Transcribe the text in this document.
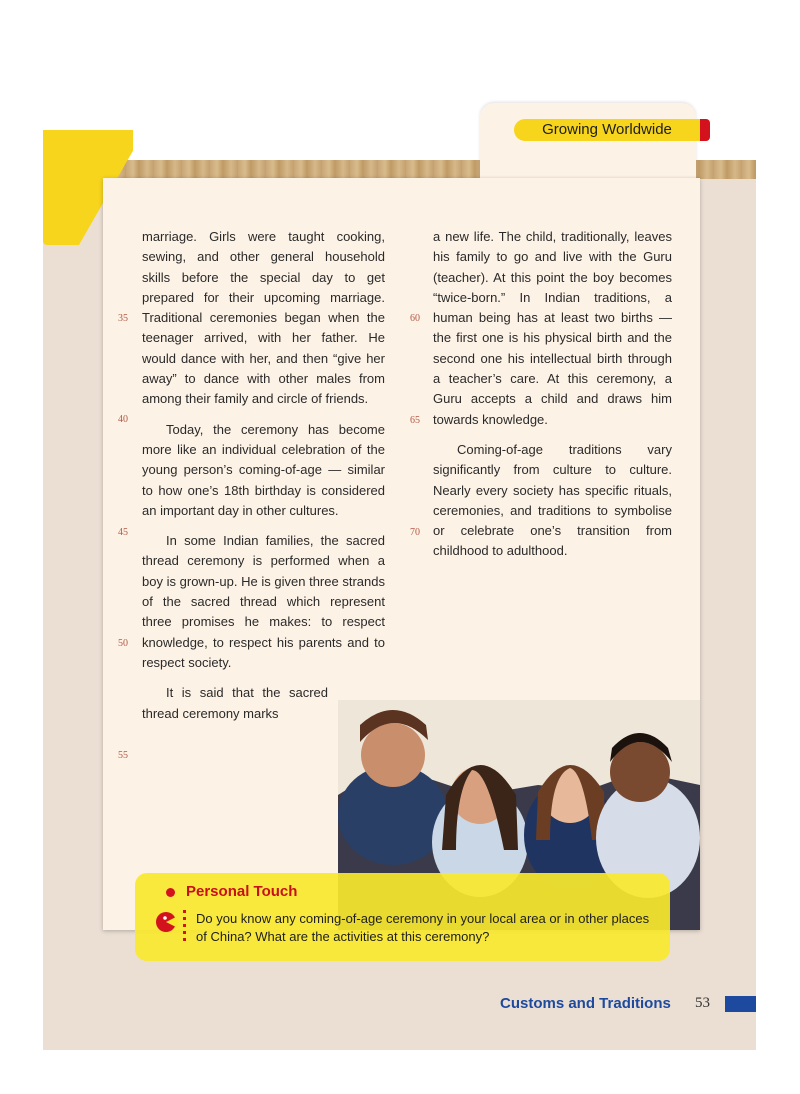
Growing Worldwide

marriage. Girls were taught cooking, sewing, and other general household skills before the special day to get prepared for their upcoming marriage. Traditional ceremonies began when the teenager arrived, with her father. He would dance with her, and then “give her away” to dance with other males from among their family and circle of friends.

Today, the ceremony has become more like an individual celebration of the young person’s coming-of-age — similar to how one’s 18th birthday is considered an important day in other cultures.

In some Indian families, the sacred thread ceremony is performed when a boy is grown-up. He is given three strands of the sacred thread which represent three promises he makes: to respect knowledge, to respect his parents and to respect society.

It is said that the sacred thread ceremony marks

a new life. The child, traditionally, leaves his family to go and live with the Guru (teacher). At this point the boy becomes “twice-born.” In Indian traditions, a human being has at least two births — the first one is his physical birth and the second one his intellectual birth through a teacher’s care. At this ceremony, a Guru accepts a child and draws him towards knowledge.

Coming-of-age traditions vary significantly from culture to culture. Nearly every society has specific rituals, ceremonies, and traditions to symbolise or celebrate one’s transition from childhood to adulthood.

35
40
45
50
55
60
65
70
Personal Touch
Do you know any coming-of-age ceremony in your local area or in other places of China? What are the activities at this ceremony?
Customs and Traditions 53
